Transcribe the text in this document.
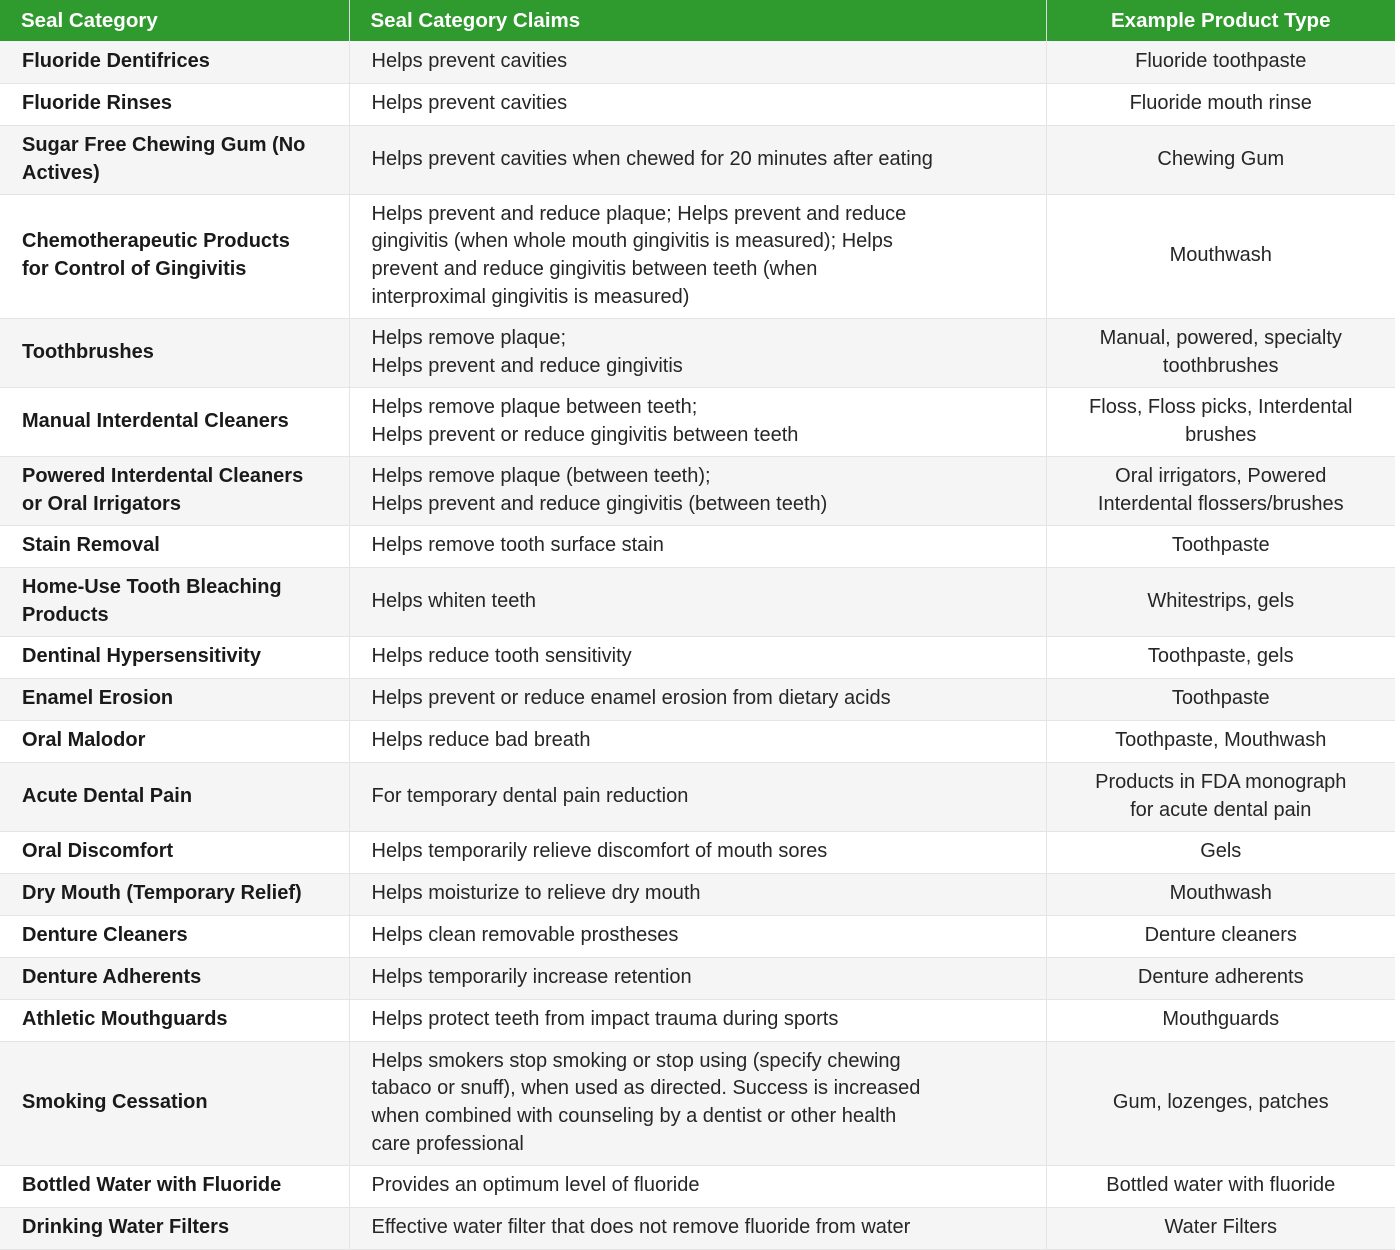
Seal Category	Seal Category Claims	Example Product Type

Fluoride Dentifrices	Helps prevent cavities	Fluoride toothpaste

Fluoride Rinses	Helps prevent cavities	Fluoride mouth rinse

Sugar Free Chewing Gum (No
Actives)	Helps prevent cavities when chewed for 20 minutes after eating	Chewing Gum

Chemotherapeutic Products
for Control of Gingivitis	Helps prevent and reduce plaque; Helps prevent and reduce
gingivitis (when whole mouth gingivitis is measured); Helps
prevent and reduce gingivitis between teeth (when
interproximal gingivitis is measured)	Mouthwash

Toothbrushes	Helps remove plaque;
Helps prevent and reduce gingivitis	Manual, powered, specialty
toothbrushes

Manual Interdental Cleaners	Helps remove plaque between teeth;
Helps prevent or reduce gingivitis between teeth	Floss, Floss picks, Interdental
brushes

Powered Interdental Cleaners
or Oral Irrigators	Helps remove plaque (between teeth);
Helps prevent and reduce gingivitis (between teeth)	Oral irrigators, Powered
Interdental flossers/brushes

Stain Removal	Helps remove tooth surface stain	Toothpaste

Home-Use Tooth Bleaching
Products	Helps whiten teeth	Whitestrips, gels

Dentinal Hypersensitivity	Helps reduce tooth sensitivity	Toothpaste, gels

Enamel Erosion	Helps prevent or reduce enamel erosion from dietary acids	Toothpaste

Oral Malodor	Helps reduce bad breath	Toothpaste, Mouthwash

Acute Dental Pain	For temporary dental pain reduction	Products in FDA monograph
for acute dental pain

Oral Discomfort	Helps temporarily relieve discomfort of mouth sores	Gels

Dry Mouth (Temporary Relief)	Helps moisturize to relieve dry mouth	Mouthwash

Denture Cleaners	Helps clean removable prostheses	Denture cleaners

Denture Adherents	Helps temporarily increase retention	Denture adherents

Athletic Mouthguards	Helps protect teeth from impact trauma during sports	Mouthguards

Smoking Cessation	Helps smokers stop smoking or stop using (specify chewing
tabaco or snuff), when used as directed. Success is increased
when combined with counseling by a dentist or other health
care professional	Gum, lozenges, patches

Bottled Water with Fluoride	Provides an optimum level of fluoride	Bottled water with fluoride

Drinking Water Filters	Effective water filter that does not remove fluoride from water	Water Filters
